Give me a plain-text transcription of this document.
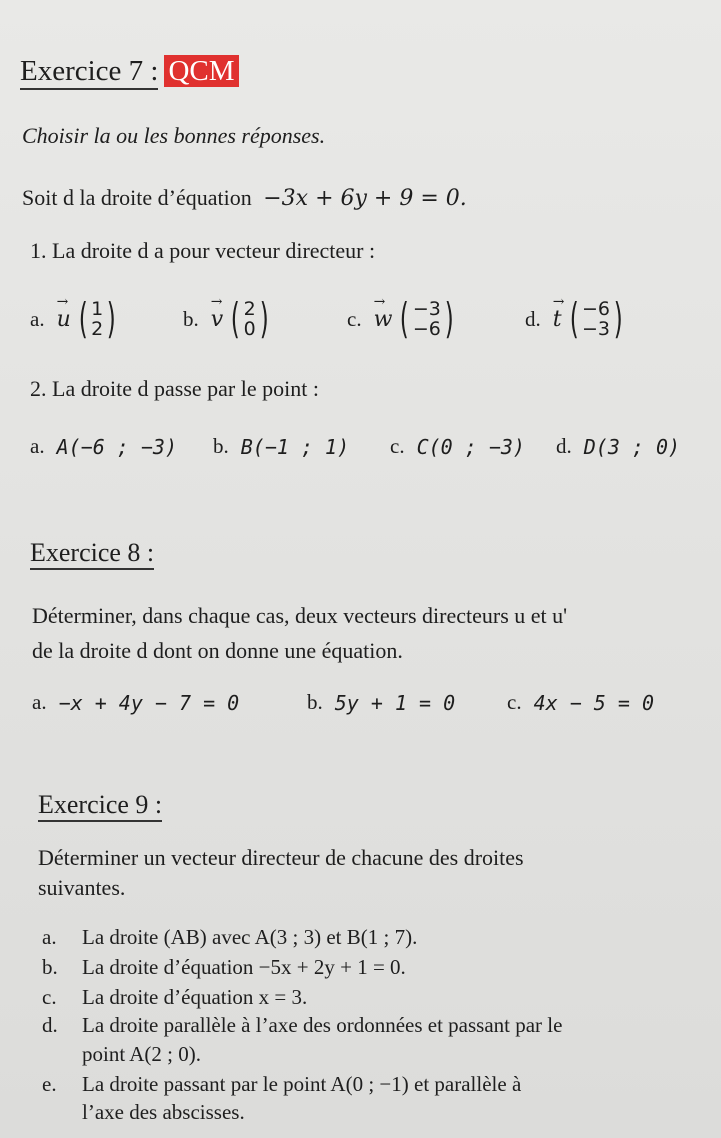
Exercice 7 : QCM
Choisir la ou les bonnes réponses.
Soit d la droite d’équation −3x + 6y + 9 = 0.
1. La droite d a pour vecteur directeur :
a. → u ( 1
2 )	b. → v ( 2
0 )	c. → w ( −3
−6 )	d. → t ( −6
−3 )
2. La droite d passe par le point :
a. A(−6 ; −3) b. B(−1 ; 1) c. C(0 ; −3) d. D(3 ; 0)
Exercice 8 :
Déterminer, dans chaque cas, deux vecteurs directeurs u et u'
de la droite d dont on donne une équation.
a. −x + 4y − 7 = 0	b. 5y + 1 = 0 c. 4x − 5 = 0
Exercice 9 :
Déterminer un vecteur directeur de chacune des droites
suivantes.
a. La droite (AB) avec A(3 ; 3) et B(1 ; 7).
b. La droite d’équation −5x + 2y + 1 = 0.
c. La droite d’équation x = 3.
d. La droite parallèle à l’axe des ordonnées et passant par le
point A(2 ; 0).
e. La droite passant par le point A(0 ; −1) et parallèle à
l’axe des abscisses.
